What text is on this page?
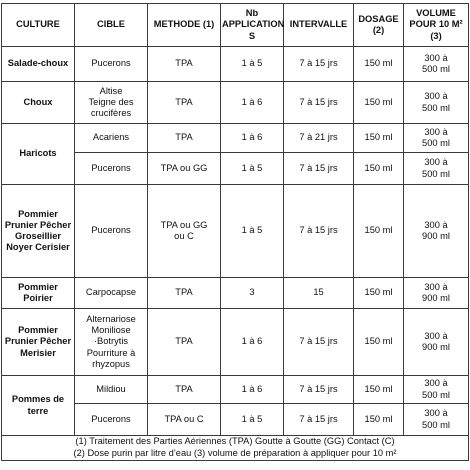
CULTURE	CIBLE	METHODE (1)	Nb APPLICATION S	INTERVALLE	DOSAGE (2)	VOLUME POUR 10 M² (3)
Salade-choux	Pucerons	TPA	1 à 5	7 à 15 jrs	150 ml	300 à
500 ml
Choux	Altise
Teigne des
crucifères	TPA	1 à 6	7 à 15 jrs	150 ml	300 à
500 ml
Haricots	Acariens	TPA	1 à 6	7 à 21 jrs	150 ml	300 à
500 ml
	Pucerons	TPA ou GG	1 à 5	7 à 15 jrs	150 ml	300 à
500 ml
Pommier Prunier Pêcher Groseillier Noyer Cerisier	Pucerons	TPA ou GG
ou C	1 à 5	7 à 15 jrs	150 ml	300 à
900 ml
Pommier Poirier	Carpocapse	TPA	3	15	150 ml	300 à
900 ml
Pommier Prunier Pêcher Merisier	Alternariose
Moniliose
·Botrytis
Pourriture à
rhyzopus	TPA	1 à 6	7 à 15 jrs	150 ml	300 à
900 ml
Pommes de terre	Mildiou	TPA	1 à 6	7 à 15 jrs	150 ml	300 à
500 ml
	Pucerons	TPA ou C	1 à 5	7 à 15 jrs	150 ml	300 à
500 ml
(1) Traitement des Parties Aériennes (TPA) Goutte à Goutte (GG) Contact (C)						
(2) Dose purin par litre d’eau (3) volume de préparation à appliquer pour 10 m²						
